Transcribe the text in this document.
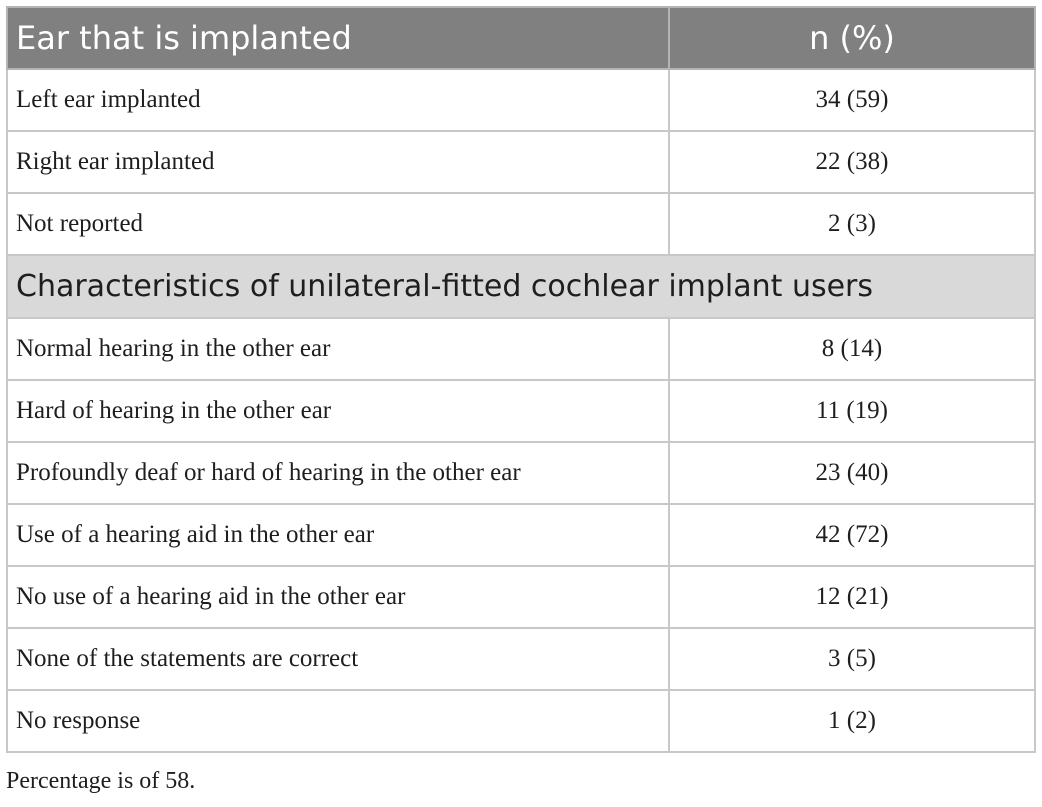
Ear that is implanted	n (%)
Left ear implanted	34 (59)
Right ear implanted	22 (38)
Not reported	2 (3)
Characteristics of unilateral-fitted cochlear implant users	
Normal hearing in the other ear	8 (14)
Hard of hearing in the other ear	11 (19)
Profoundly deaf or hard of hearing in the other ear	23 (40)
Use of a hearing aid in the other ear	42 (72)
No use of a hearing aid in the other ear	12 (21)
None of the statements are correct	3 (5)
No response	1 (2)
Percentage is of 58.
